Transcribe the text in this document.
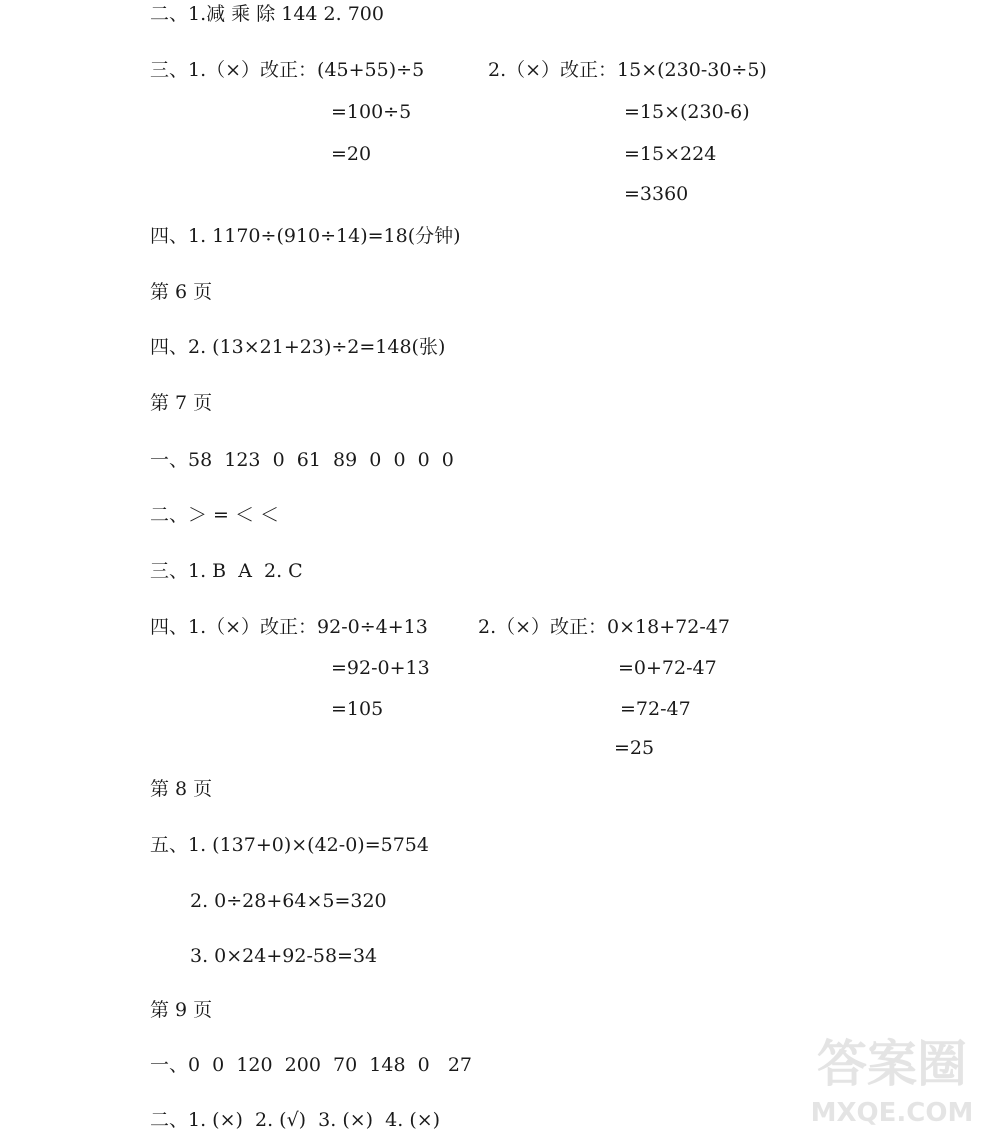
二、1.减 乘 除 144 2. 700
三、1.（×）改正：(45+55)÷5	2.（×）改正：15×(230-30÷5)
=100÷5	=15×(230-6)
=20	=15×224
=3360
四、1. 1170÷(910÷14)=18(分钟)
第 6 页
四、2. (13×21+23)÷2=148(张)
第 7 页
一、58  123  0  61  89  0  0  0  0
二、＞ = ＜ ＜
三、1. B  A  2. C
四、1.（×）改正：92-0÷4+13	2.（×）改正：0×18+72-47
=92-0+13	=0+72-47
=105	=72-47
=25
第 8 页
五、1. (137+0)×(42-0)=5754
2. 0÷28+64×5=320
3. 0×24+92-58=34
第 9 页
一、0  0  120  200  70  148  0   27
二、1. (×)  2. (√)  3. (×)  4. (×)
答案圈
MXQE.COM
